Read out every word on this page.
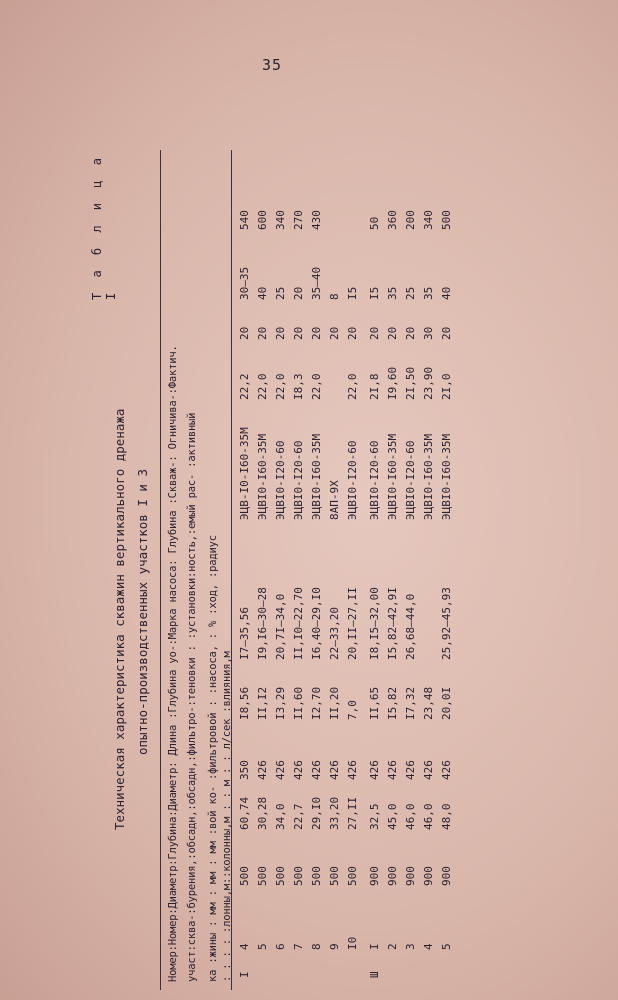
35
Т а б л и ц а I
Техническая характеристика скважин вертикального дренажа опытно-производственных участков I и 3 Номер:Номер:Диаметр:Глубина:Диаметр: Длина :Глубина уо-:Марка насоса: Глубина :Скваж-: Огничива-:Фактич. участ:сква-:бурения,:обсадн,:обсадн,:фильтро-:теновки : :установки:ность,:емый рас- :активный ка :жины : мм : мм : мм :вой ко- :фильтровой : :насоса, : % :ход, :радиус : : : : :лонны,м::колонны,м : : м : : л/сек :влияния,м I
4
500
60,74
350
I8,56
I7–35,56
ЭЦВ-I0-I60-35М
22,2
20
30–35
540
5
500
30,28
426
II,I2
I9,I6–30–28
ЭЦВI0-I60-35М
22,0
20
40
600
6
500
34,0
426
I3,29
20,7I–34,0
ЭЦВI0-I20-60
22,0
20
25
340
7
500
22,7
426
II,60
II,I0–22,70
ЭЦВI0-I20-60
I8,3
20
20
270
8
500
29,I0
426
I2,70
I6,40–29,I0
ЭЦВI0-I60-35М
22,0
20
35–40
430
9
500
33,20
426
II,20
22–33,20
8АП-9Х
20
8
I0
500
27,II
426
7,0
20,II–27,II
ЭЦВI0-I20-60
22,0
20
I5
Ш
I
900
32,5
426
II,65
I8,I5–32,00
ЭЦВI0-I20-60
2I,8
20
I5
50
2
900
45,0
426
I5,82
I5,82–42,9I
ЭЦВI0-I60-35М
I9,60
20
35
360
3
900
46,0
426
I7,32
26,68–44,0
ЭЦВI0-I20-60
2I,50
20
25
200
4
900
46,0
426
23,48
ЭЦВI0-I60-35М
23,90
30
35
340
5
900
48,0
426
20,0I
25,92–45,93
ЭЦВI0-I60-35М
2I,0
20
40
500
